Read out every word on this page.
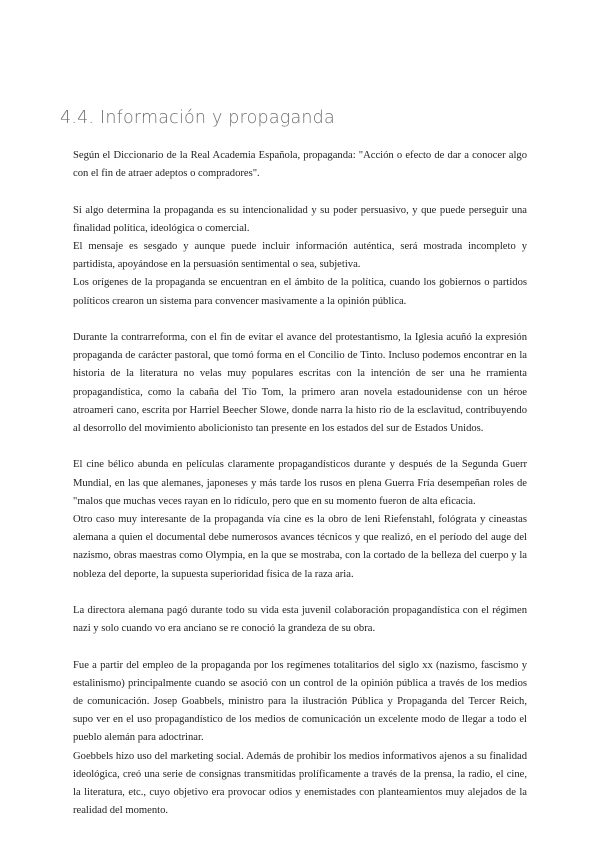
4.4. Información y propaganda

Según el Diccionario de la Real Academia Española, propaganda: "Acción o efecto de dar a conocer algo con el fin de atraer adeptos o compradores".

Si algo determina la propaganda es su intencionalidad y su poder persuasivo, y que puede perseguir una finalidad política, ideológica o comercial.

El mensaje es sesgado y aunque puede incluir información auténtica, será mostrada incompleto y partidista, apoyándose en la persuasión sentimental o sea, subjetiva.

Los orígenes de la propaganda se encuentran en el ámbito de la política, cuando los gobiernos o partidos políticos crearon un sistema para convencer masivamente a la opinión pública.

Durante la contrarreforma, con el fin de evitar el avance del protestantismo, la Iglesia acuñó la expresión propaganda de carácter pastoral, que tomó forma en el Concilio de Tinto. Incluso podemos encontrar en la historia de la literatura no velas muy populares escritas con la intención de ser una he rramienta propagandística, como la cabaña del Tío Tom, la primero aran novela estadounidense con un héroe atroameri cano, escrita por Harriel Beecher Slowe, donde narra la histo rio de la esclavitud, contribuyendo al desorrollo del movimiento abolicionisto tan presente en los estados del sur de Estados Unidos.

El cine bélico abunda en películas claramente propagandísticos durante y después de la Segunda Guerr Mundial, en las que alemanes, japoneses y más tarde los rusos en plena Guerra Fría desempeñan roles de "malos que muchas veces rayan en lo ridículo, pero que en su momento fueron de alta eficacia.

Otro caso muy interesante de la propaganda vía cine es la obro de leni Riefenstahl, fológrata y cineastas alemana a quien el documental debe numerosos avances técnicos y que realizó, en el período del auge del nazismo, obras maestras como Olympia, en la que se mostraba, con la cortado de la belleza del cuerpo y la nobleza del deporte, la supuesta superioridad física de la raza aria.

La directora alemana pagó durante todo su vida esta juvenil colaboración propagandística con el régimen nazi y solo cuando vo era anciano se re conoció la grandeza de su obra.

Fue a partir del empleo de la propaganda por los regímenes totalitarios del siglo xx (nazismo, fascismo y estalinismo) principalmente cuando se asoció con un control de la opinión pública a través de los medios de comunicación. Josep Goabbels, ministro para la ilustración Pública y Propaganda del Tercer Reich, supo ver en el uso propagandístico de los medios de comunicación un excelente modo de llegar a todo el pueblo alemán para adoctrinar.

Goebbels hizo uso del marketing social. Además de prohibir los medios informativos ajenos a su finalidad ideológica, creó una serie de consignas transmitidas prolíficamente a través de la prensa, la radio, el cine, la literatura, etc., cuyo objetivo era provocar odios y enemistades con planteamientos muy alejados de la realidad del momento.
